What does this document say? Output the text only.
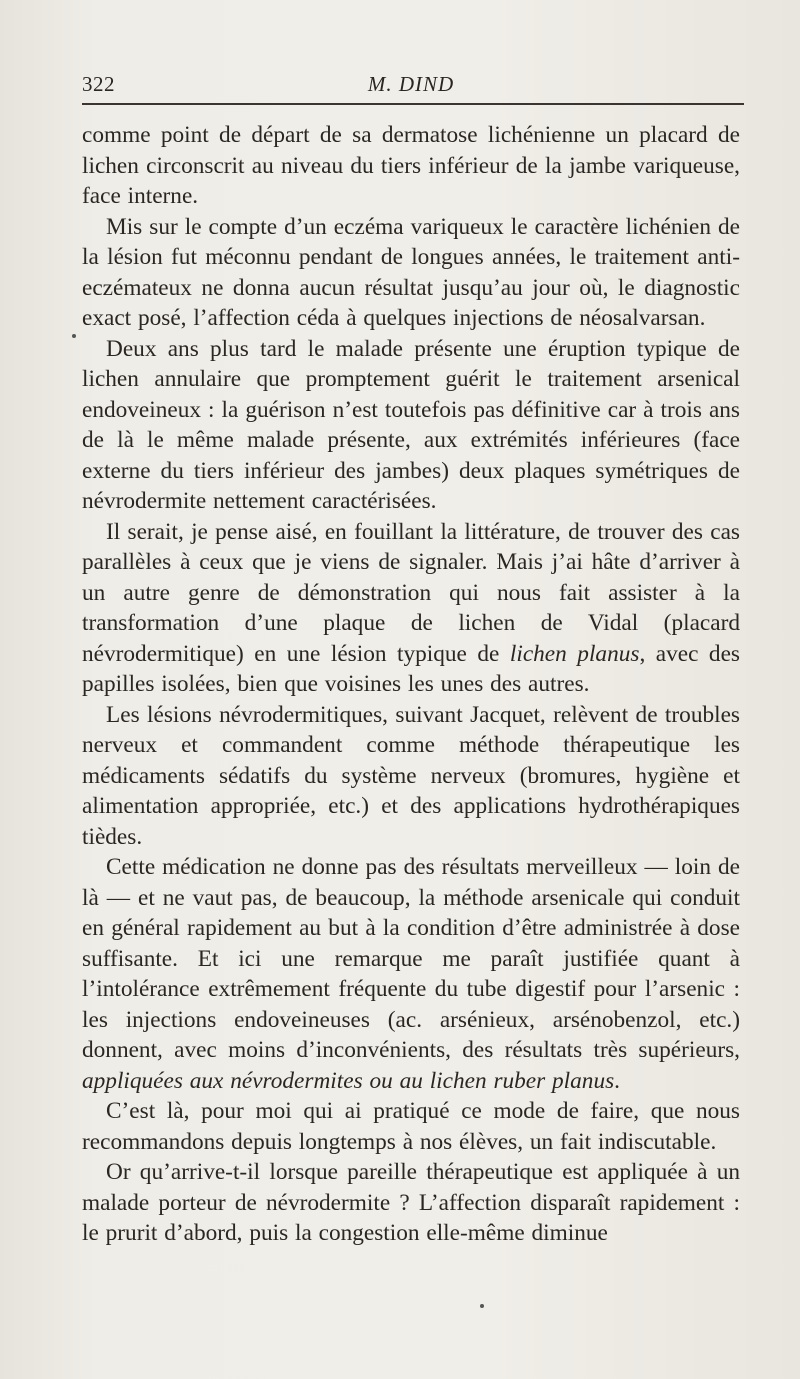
322	M. DIND

comme point de départ de sa dermatose lichénienne un placard de lichen circonscrit au niveau du tiers inférieur de la jambe variqueuse, face interne.

Mis sur le compte d’un eczéma variqueux le caractère lichénien de la lésion fut méconnu pendant de longues années, le traitement anti-eczémateux ne donna aucun résultat jusqu’au jour où, le diagnostic exact posé, l’affection céda à quelques injections de néosalvarsan.

Deux ans plus tard le malade présente une éruption typique de lichen annulaire que promptement guérit le traitement arsenical endoveineux : la guérison n’est toutefois pas définitive car à trois ans de là le même malade présente, aux extrémités inférieures (face externe du tiers inférieur des jambes) deux plaques symétriques de névrodermite nettement caractérisées.

Il serait, je pense aisé, en fouillant la littérature, de trouver des cas parallèles à ceux que je viens de signaler. Mais j’ai hâte d’arriver à un autre genre de démonstration qui nous fait assister à la transformation d’une plaque de lichen de Vidal (placard névrodermitique) en une lésion typique de lichen planus, avec des papilles isolées, bien que voisines les unes des autres.

Les lésions névrodermitiques, suivant Jacquet, relèvent de troubles nerveux et commandent comme méthode thérapeutique les médicaments sédatifs du système nerveux (bromures, hygiène et alimentation appropriée, etc.) et des applications hydrothérapiques tièdes.

Cette médication ne donne pas des résultats merveilleux — loin de là — et ne vaut pas, de beaucoup, la méthode arsenicale qui conduit en général rapidement au but à la condition d’être administrée à dose suffisante. Et ici une remarque me paraît justifiée quant à l’intolérance extrêmement fréquente du tube digestif pour l’arsenic : les injections endoveineuses (ac. arsénieux, arsénobenzol, etc.) donnent, avec moins d’inconvénients, des résultats très supérieurs, appliquées aux névrodermites ou au lichen ruber planus.

C’est là, pour moi qui ai pratiqué ce mode de faire, que nous recommandons depuis longtemps à nos élèves, un fait indiscutable.

Or qu’arrive-t-il lorsque pareille thérapeutique est appliquée à un malade porteur de névrodermite ? L’affection disparaît rapidement : le prurit d’abord, puis la congestion elle-même diminue
